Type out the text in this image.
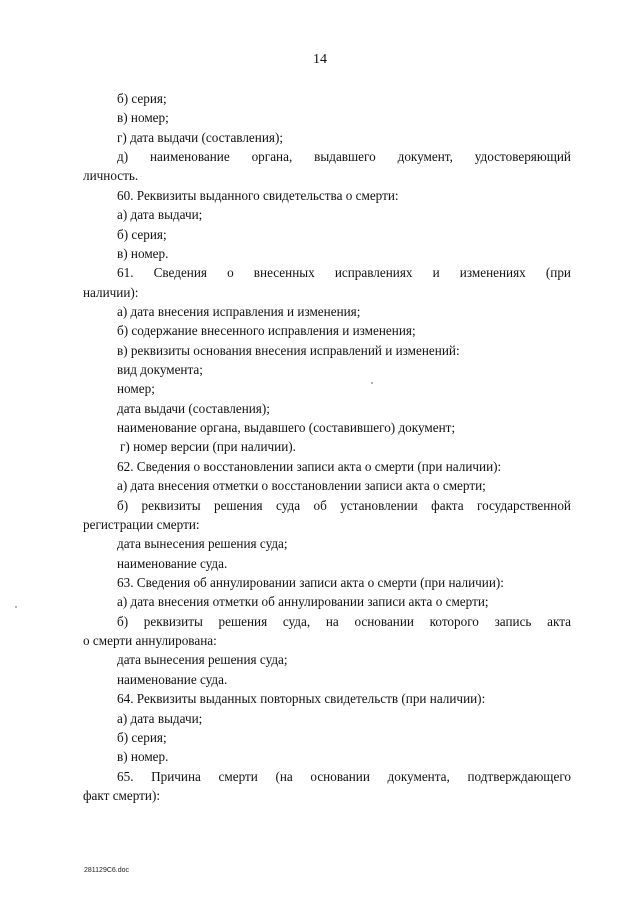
14
б) серия;
в) номер;
г) дата выдачи (составления);
д) наименование органа, выдавшего документ, удостоверяющий
личность.
60. Реквизиты выданного свидетельства о смерти:
а) дата выдачи;
б) серия;
в) номер.
61. Сведения о внесенных исправлениях и изменениях (при
наличии):
а) дата внесения исправления и изменения;
б) содержание внесенного исправления и изменения;
в) реквизиты основания внесения исправлений и изменений:
вид документа;
номер;
дата выдачи (составления);
наименование органа, выдавшего (составившего) документ;
г) номер версии (при наличии).
62. Сведения о восстановлении записи акта о смерти (при наличии):
а) дата внесения отметки о восстановлении записи акта о смерти;
б) реквизиты решения суда об установлении факта государственной
регистрации смерти:
дата вынесения решения суда;
наименование суда.
63. Сведения об аннулировании записи акта о смерти (при наличии):
а) дата внесения отметки об аннулировании записи акта о смерти;
б) реквизиты решения суда, на основании которого запись акта
о смерти аннулирована:
дата вынесения решения суда;
наименование суда.
64. Реквизиты выданных повторных свидетельств (при наличии):
а) дата выдачи;
б) серия;
в) номер.
65. Причина смерти (на основании документа, подтверждающего
факт смерти):
281129C6.doc
